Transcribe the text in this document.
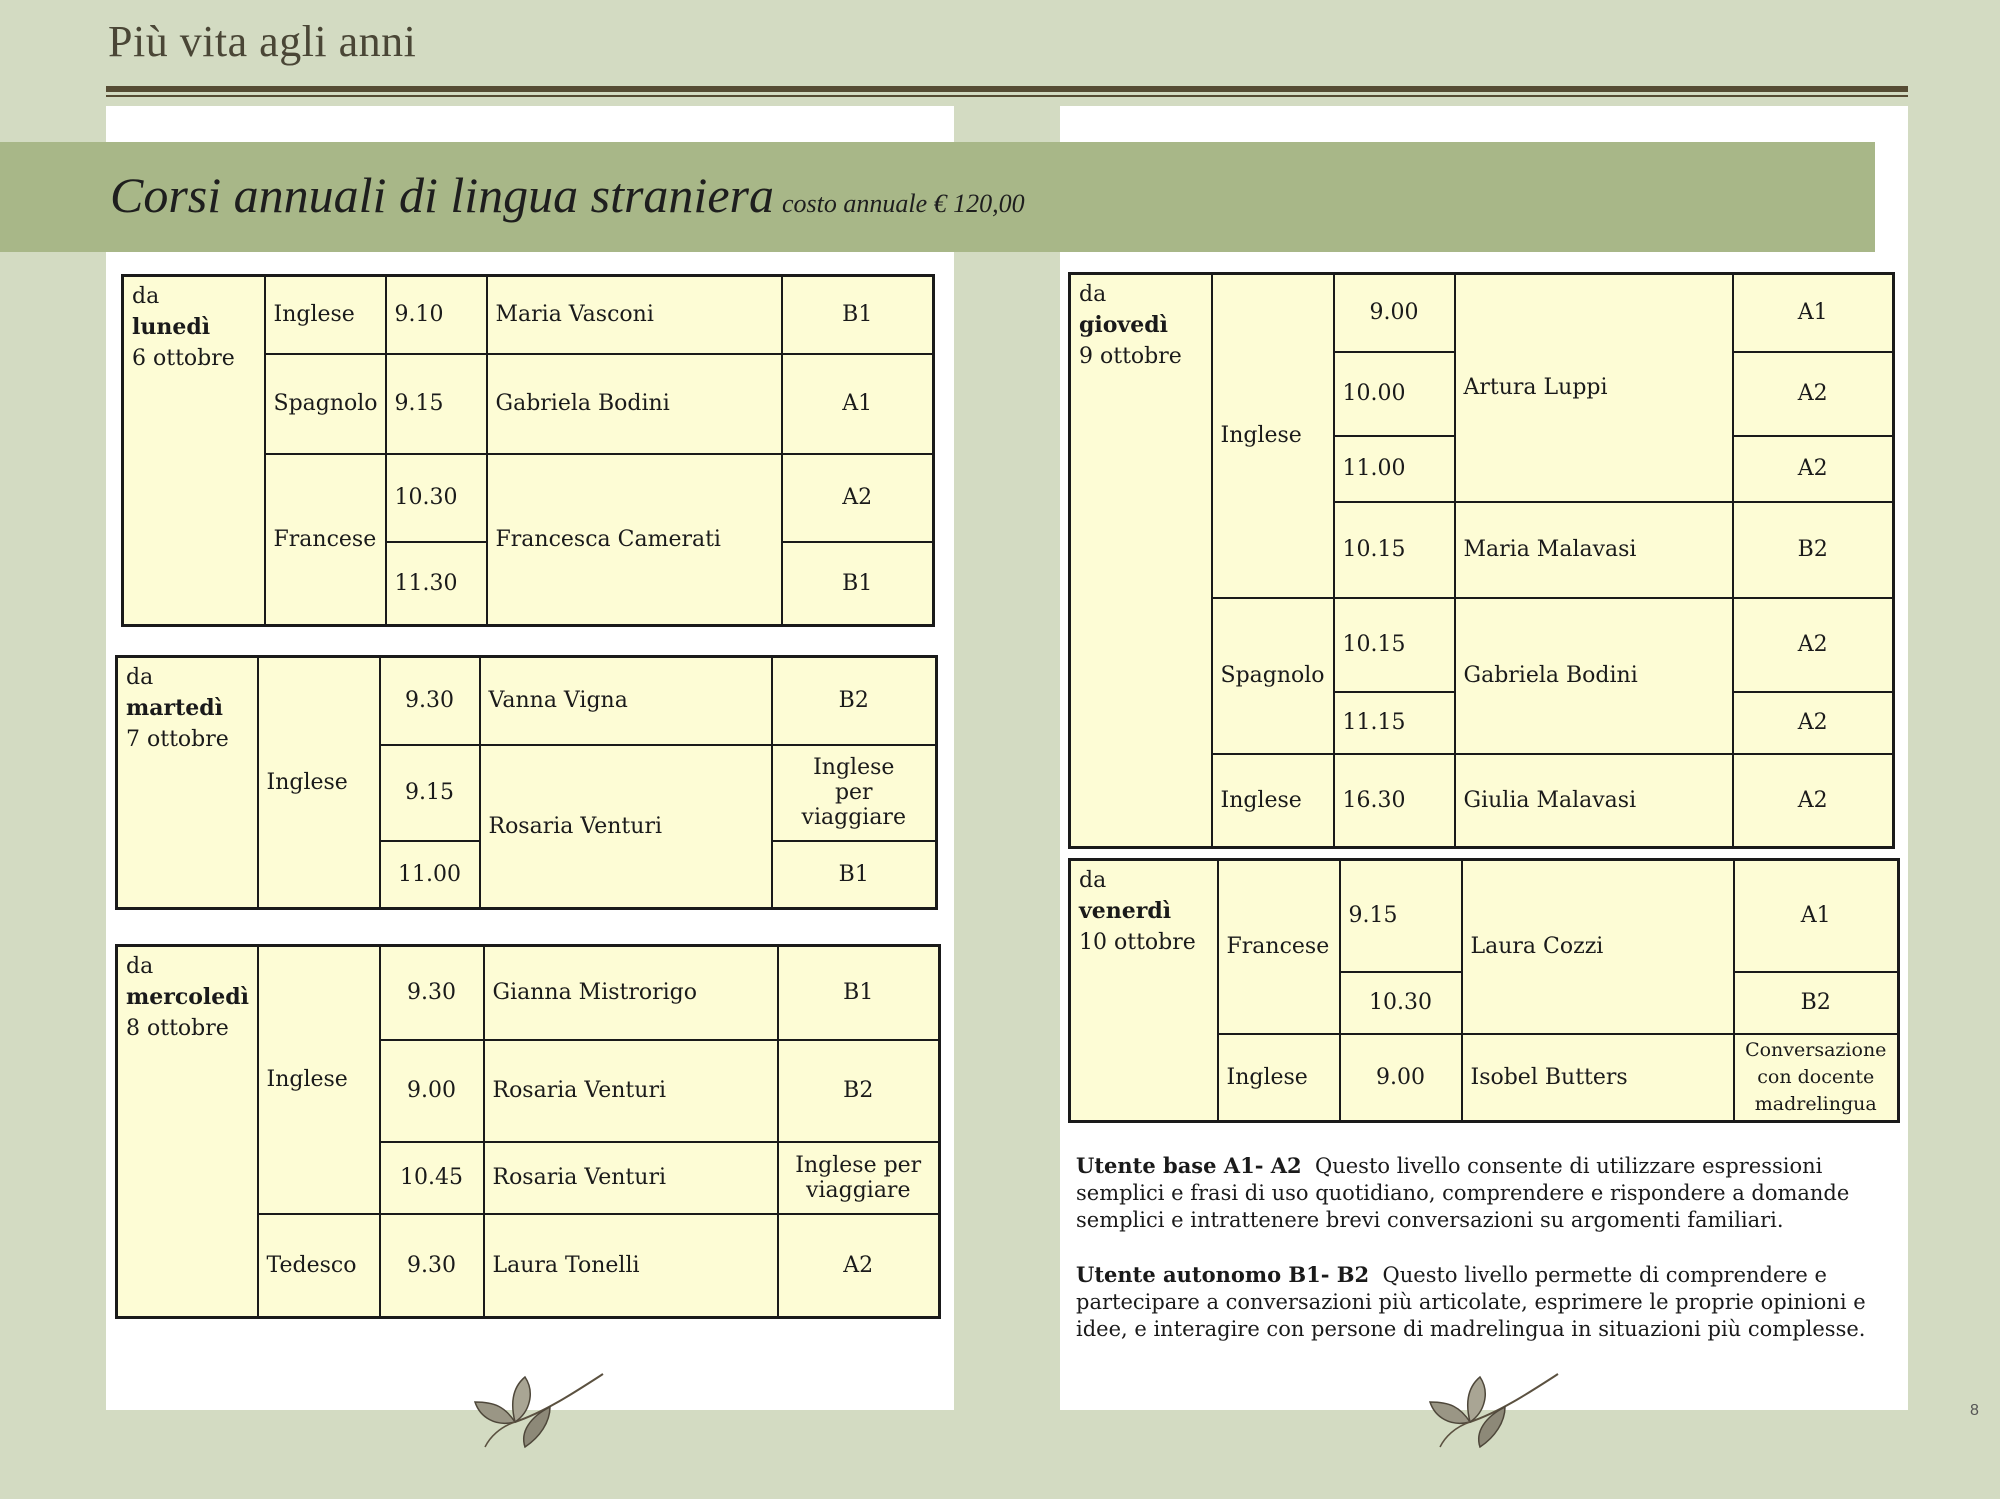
Più vita agli anni
Corsi annuali di lingua straniera costo annuale € 120,00
da
lunedì
6 ottobre	Inglese	9.10	Maria Vasconi	B1
	Spagnolo	9.15	Gabriela Bodini	A1
	Francese	10.30	Francesca Camerati	A2
		11.30		B1
da
martedì
7 ottobre	Inglese	9.30	Vanna Vigna	B2
		9.15	Rosaria Venturi	Inglese
per viaggiare
		11.00		B1
da
mercoledì
8 ottobre	Inglese	9.30	Gianna Mistrorigo	B1
		9.00	Rosaria Venturi	B2
		10.45	Rosaria Venturi	Inglese per
viaggiare
	Tedesco	9.30	Laura Tonelli	A2
da
giovedì
9 ottobre	Inglese	9.00	Artura Luppi	A1
		10.00		A2
		11.00		A2
		10.15	Maria Malavasi	B2
	Spagnolo	10.15	Gabriela Bodini	A2
		11.15		A2
	Inglese	16.30	Giulia Malavasi	A2
da
venerdì
10 ottobre	Francese	9.15	Laura Cozzi	A1
		10.30		B2
	Inglese	9.00	Isobel Butters	Conversazione
con docente
madrelingua

Utente base A1- A2 Questo livello consente di utilizzare espressioni semplici e frasi di uso quotidiano, comprendere e rispondere a domande semplici e intrattenere brevi conversazioni su argomenti familiari.

Utente autonomo B1- B2 Questo livello permette di comprendere e partecipare a conversazioni più articolate, esprimere le proprie opinioni e idee, e interagire con persone di madrelingua in situazioni più complesse.

8
